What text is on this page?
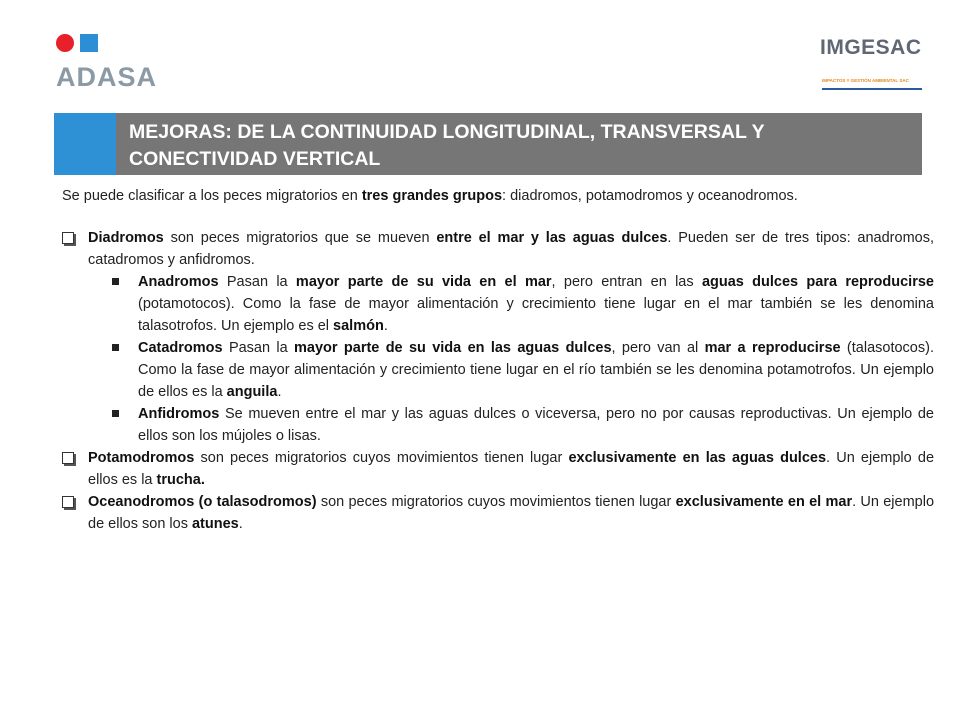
ADASA
IMGESAC
IMPACTOS Y GESTIÓN AMBIENTAL SAC
MEJORAS: DE LA CONTINUIDAD LONGITUDINAL, TRANSVERSAL Y CONECTIVIDAD VERTICAL

Se puede clasificar a los peces migratorios en tres grandes grupos: diadromos, potamodromos y oceanodromos.

Diadromos son peces migratorios que se mueven entre el mar y las aguas dulces. Pueden ser de tres tipos: anadromos, catadromos y anfidromos.

Anadromos Pasan la mayor parte de su vida en el mar, pero entran en las aguas dulces para reproducirse (potamotocos). Como la fase de mayor alimentación y crecimiento tiene lugar en el mar también se les denomina talasotrofos. Un ejemplo es el salmón.

Catadromos Pasan la mayor parte de su vida en las aguas dulces, pero van al mar a reproducirse (talasotocos). Como la fase de mayor alimentación y crecimiento tiene lugar en el río también se les denomina potamotrofos. Un ejemplo de ellos es la anguila.

Anfidromos Se mueven entre el mar y las aguas dulces o viceversa, pero no por causas reproductivas. Un ejemplo de ellos son los mújoles o lisas.

Potamodromos son peces migratorios cuyos movimientos tienen lugar exclusivamente en las aguas dulces. Un ejemplo de ellos es la trucha.

Oceanodromos (o talasodromos) son peces migratorios cuyos movimientos tienen lugar exclusivamente en el mar. Un ejemplo de ellos son los atunes.
